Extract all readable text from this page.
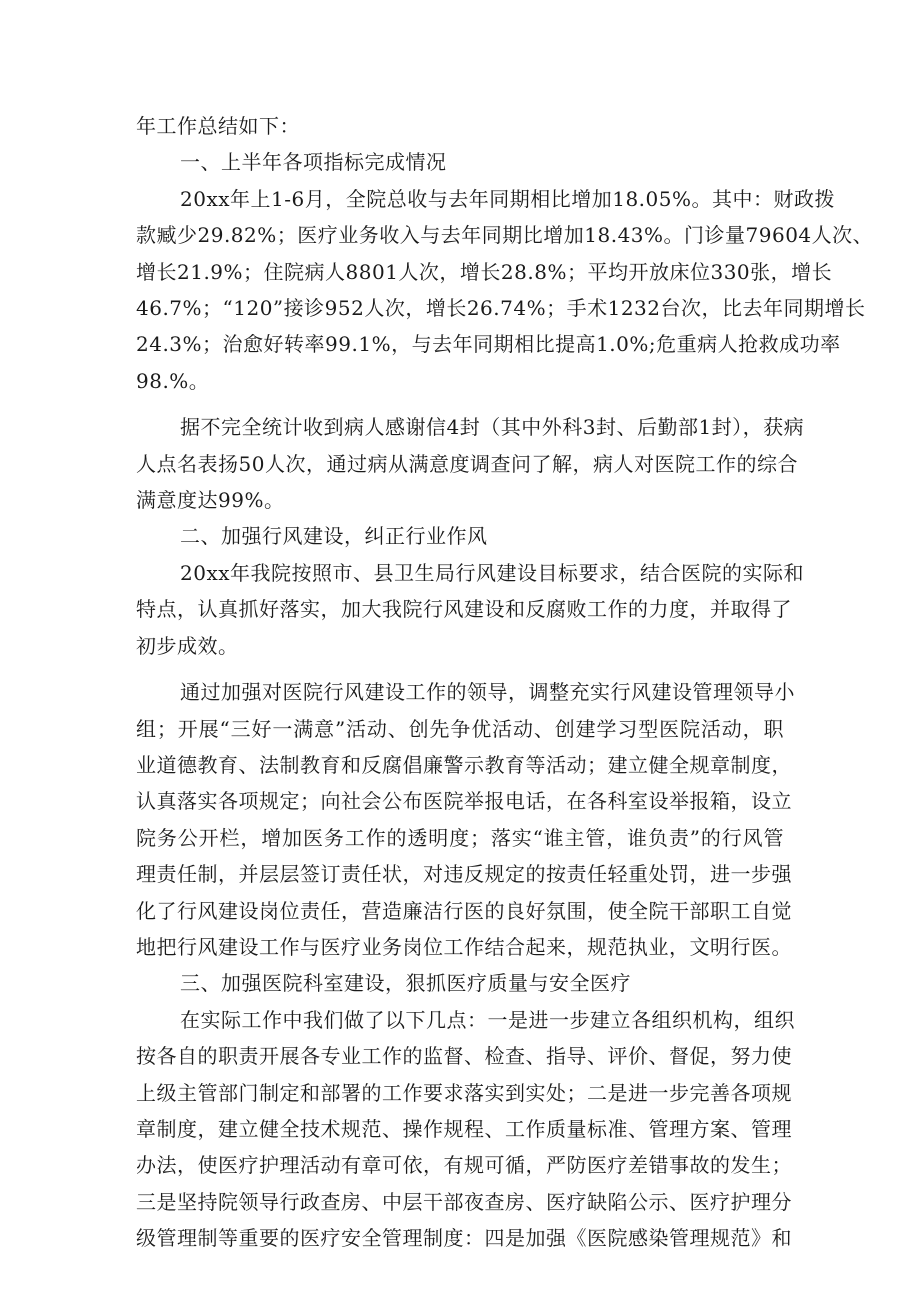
年工作总结如下：
一、上半年各项指标完成情况
20xx年上1-6月，全院总收与去年同期相比增加18.05%。其中：财政拨
款臧少29.82%；医疗业务收入与去年同期比增加18.43%。门诊量79604人次、
增长21.9%；住院病人8801人次，增长28.8%；平均开放床位330张，增长
46.7%；“120”接诊952人次，增长26.74%；手术1232台次，比去年同期增长
24.3%；治愈好转率99.1%，与去年同期相比提高1.0%;危重病人抢救成功率
98.%。
据不完全统计收到病人感谢信4封（其中外科3封、后勤部1封），获病
人点名表扬50人次，通过病从满意度调查问了解，病人对医院工作的综合
满意度达99%。
二、加强行风建设，纠正行业作风
20xx年我院按照市、县卫生局行风建设目标要求，结合医院的实际和
特点，认真抓好落实，加大我院行风建设和反腐败工作的力度，并取得了
初步成效。
通过加强对医院行风建设工作的领导，调整充实行风建设管理领导小
组；开展“三好一满意”活动、创先争优活动、创建学习型医院活动，职
业道德教育、法制教育和反腐倡廉警示教育等活动；建立健全规章制度，
认真落实各项规定；向社会公布医院举报电话，在各科室设举报箱，设立
院务公开栏，增加医务工作的透明度；落实“谁主管，谁负责”的行风管
理责任制，并层层签订责任状，对违反规定的按责任轻重处罚，进一步强
化了行风建设岗位责任，营造廉洁行医的良好氛围，使全院干部职工自觉
地把行风建设工作与医疗业务岗位工作结合起来，规范执业，文明行医。
三、加强医院科室建设，狠抓医疗质量与安全医疗
在实际工作中我们做了以下几点：一是进一步建立各组织机构，组织
按各自的职责开展各专业工作的监督、检查、指导、评价、督促，努力使
上级主管部门制定和部署的工作要求落实到实处；二是进一步完善各项规
章制度，建立健全技术规范、操作规程、工作质量标准、管理方案、管理
办法，使医疗护理活动有章可依，有规可循，严防医疗差错事故的发生；
三是坚持院领导行政查房、中层干部夜查房、医疗缺陷公示、医疗护理分
级管理制等重要的医疗安全管理制度：四是加强《医院感染管理规范》和
